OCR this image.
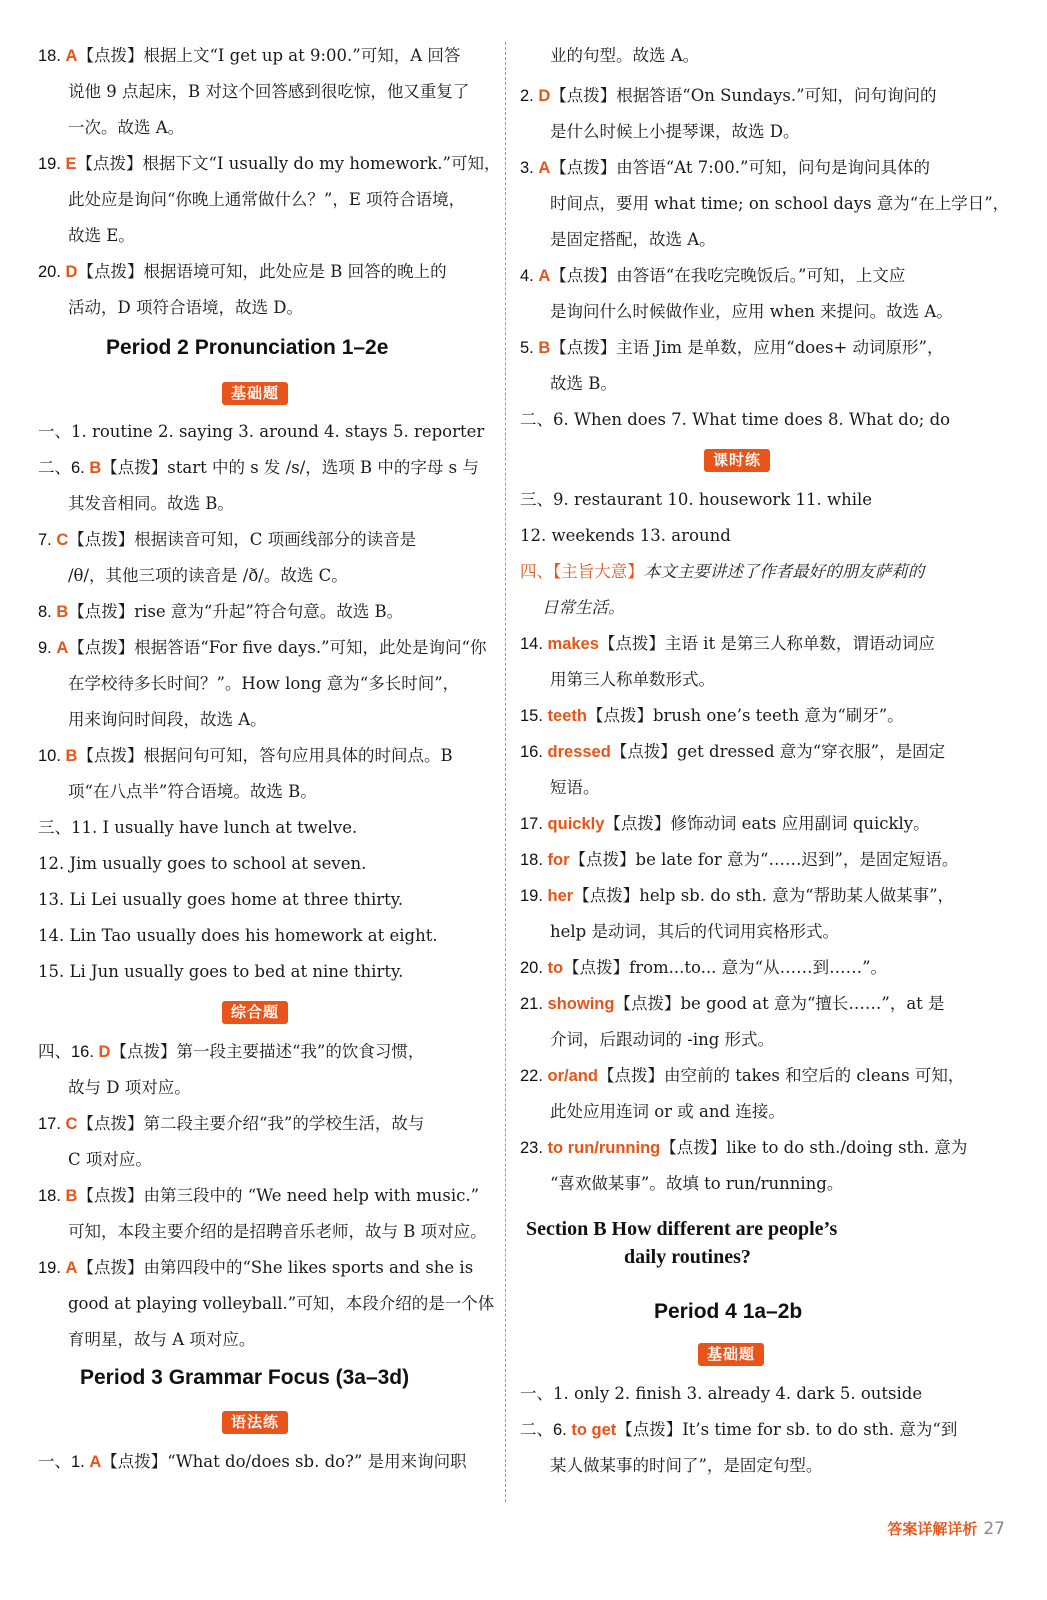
18. A【点拨】根据上文“I get up at 9:00.”可知，A 回答
说他 9 点起床，B 对这个回答感到很吃惊，他又重复了
一次。故选 A。
19. E【点拨】根据下文“I usually do my homework.”可知，
此处应是询问“你晚上通常做什么？”，E 项符合语境，
故选 E。
20. D【点拨】根据语境可知，此处应是 B 回答的晚上的
活动，D 项符合语境，故选 D。
一、1. routine 2. saying 3. around 4. stays 5. reporter
二、6. B【点拨】start 中的 s 发 /s/，选项 B 中的字母 s 与
其发音相同。故选 B。
7. C【点拨】根据读音可知，C 项画线部分的读音是
/θ/，其他三项的读音是 /ð/。故选 C。
8. B【点拨】rise 意为“升起”符合句意。故选 B。
9. A【点拨】根据答语“For five days.”可知，此处是询问“你
在学校待多长时间？”。How long 意为“多长时间”，
用来询问时间段，故选 A。
10. B【点拨】根据问句可知，答句应用具体的时间点。B
项“在八点半”符合语境。故选 B。
三、11. I usually have lunch at twelve.
12. Jim usually goes to school at seven.
13. Li Lei usually goes home at three thirty.
14. Lin Tao usually does his homework at eight.
15. Li Jun usually goes to bed at nine thirty.
四、16. D【点拨】第一段主要描述“我”的饮食习惯，
故与 D 项对应。
17. C【点拨】第二段主要介绍“我”的学校生活，故与
C 项对应。
18. B【点拨】由第三段中的 “We need help with music.”
可知，本段主要介绍的是招聘音乐老师，故与 B 项对应。
19. A【点拨】由第四段中的“She likes sports and she is
good at playing volleyball.”可知，本段介绍的是一个体
育明星，故与 A 项对应。
一、1. A【点拨】“What do/does sb. do?” 是用来询问职
四、【主旨大意】本文主要讲述了作者最好的朋友萨莉的
日常生活。
业的句型。故选 A。
2. D【点拨】根据答语“On Sundays.”可知，问句询问的
是什么时候上小提琴课，故选 D。
3. A【点拨】由答语“At 7:00.”可知，问句是询问具体的
时间点，要用 what time; on school days 意为“在上学日”，
是固定搭配，故选 A。
4. A【点拨】由答语“在我吃完晚饭后。”可知，上文应
是询问什么时候做作业，应用 when 来提问。故选 A。
5. B【点拨】主语 Jim 是单数，应用“does+ 动词原形”，
故选 B。
二、6. When does 7. What time does 8. What do; do
三、9. restaurant 10. housework 11. while
12. weekends 13. around
14. makes【点拨】主语 it 是第三人称单数，谓语动词应
用第三人称单数形式。
15. teeth【点拨】brush one’s teeth 意为“刷牙”。
16. dressed【点拨】get dressed 意为“穿衣服”，是固定
短语。
17. quickly【点拨】修饰动词 eats 应用副词 quickly。
18. for【点拨】be late for 意为“……迟到”，是固定短语。
19. her【点拨】help sb. do sth. 意为“帮助某人做某事”，
help 是动词，其后的代词用宾格形式。
20. to【点拨】from...to... 意为“从……到……”。
21. showing【点拨】be good at 意为“擅长……”，at 是
介词，后跟动词的 -ing 形式。
22. or/and【点拨】由空前的 takes 和空后的 cleans 可知，
此处应用连词 or 或 and 连接。
23. to run/running【点拨】like to do sth./doing sth. 意为
“喜欢做某事”。故填 to run/running。
一、1. only 2. finish 3. already 4. dark 5. outside
二、6. to get【点拨】It’s time for sb. to do sth. 意为“到
某人做某事的时间了”，是固定句型。
Period 2 Pronunciation 1–2e
Period 3 Grammar Focus (3a–3d)
Section B How different are people’s
daily routines?
Period 4 1a–2b
基础题
综合题
语法练
课时练
基础题
答案详解详析 27
